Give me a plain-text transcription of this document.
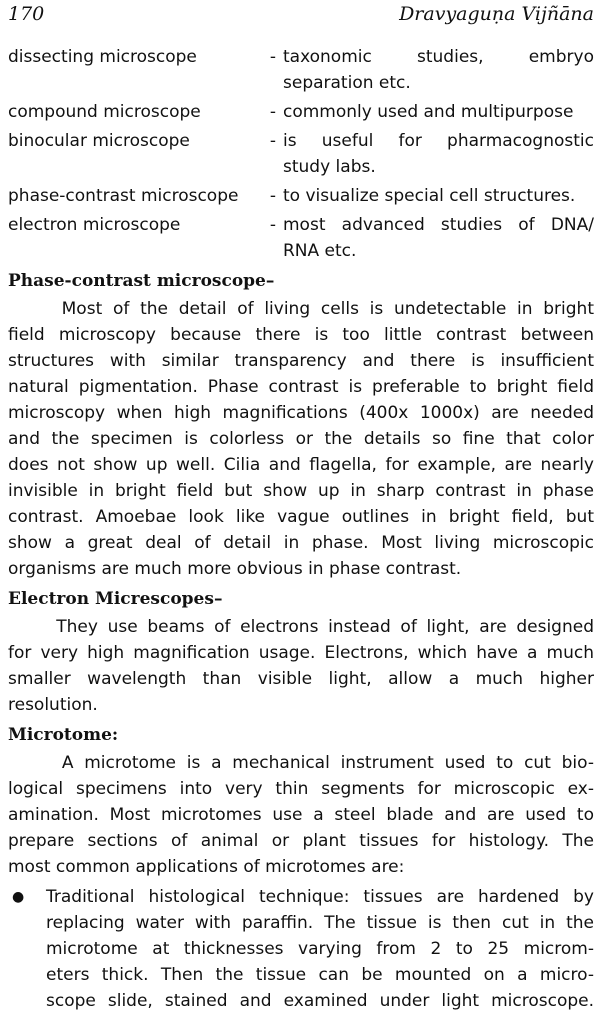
170	Dravyaguṇa Vijñāna
dissecting microscope	- taxonomic studies, embryo
separation etc.
compound microscope	- commonly used and multipurpose
binocular microscope	- is useful for pharmacognostic
study labs.
phase-contrast microscope	- to visualize special cell structures.
electron microscope	- most advanced studies of DNA/
RNA etc.
Phase-contrast microscope–
Most of the detail of living cells is undetectable in bright
field microscopy because there is too little contrast between
structures with similar transparency and there is insufficient
natural pigmentation. Phase contrast is preferable to bright field
microscopy when high magnifications (400x 1000x) are needed
and the specimen is colorless or the details so fine that color
does not show up well. Cilia and flagella, for example, are nearly
invisible in bright field but show up in sharp contrast in phase
contrast. Amoebae look like vague outlines in bright field, but
show a great deal of detail in phase. Most living microscopic
organisms are much more obvious in phase contrast.
Electron Micrescopes–
They use beams of electrons instead of light, are designed
for very high magnification usage. Electrons, which have a much
smaller wavelength than visible light, allow a much higher
resolution.
Microtome:
A microtome is a mechanical instrument used to cut bio-
logical specimens into very thin segments for microscopic ex-
amination. Most microtomes use a steel blade and are used to
prepare sections of animal or plant tissues for histology. The
most common applications of microtomes are:
●	Traditional histological technique: tissues are hardened by
replacing water with paraffin. The tissue is then cut in the
microtome at thicknesses varying from 2 to 25 microm-
eters thick. Then the tissue can be mounted on a micro-
scope slide, stained and examined under light microscope.
